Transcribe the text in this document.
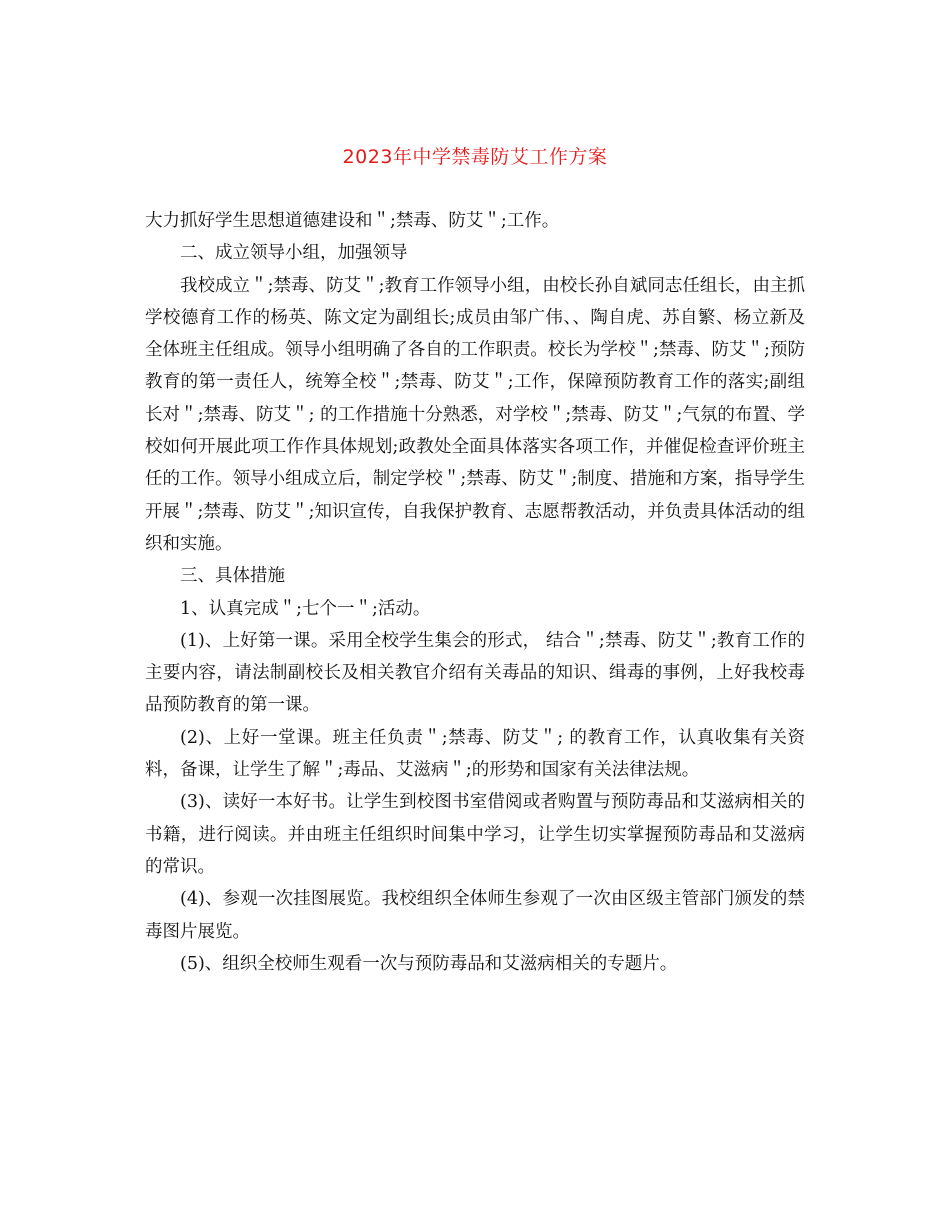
2023年中学禁毒防艾工作方案

大力抓好学生思想道德建设和＂;禁毒、防艾＂;工作。

二、成立领导小组，加强领导

我校成立＂;禁毒、防艾＂;教育工作领导小组，由校长孙自斌同志任组长，由主抓学校德育工作的杨英、陈文定为副组长;成员由邹广伟、、陶自虎、苏自繁、杨立新及全体班主任组成。领导小组明确了各自的工作职责。校长为学校＂;禁毒、防艾＂;预防教育的第一责任人，统筹全校＂;禁毒、防艾＂;工作，保障预防教育工作的落实;副组长对＂;禁毒、防艾＂; 的工作措施十分熟悉，对学校＂;禁毒、防艾＂;气氛的布置、学校如何开展此项工作作具体规划;政教处全面具体落实各项工作，并催促检查评价班主任的工作。领导小组成立后，制定学校＂;禁毒、防艾＂;制度、措施和方案，指导学生开展＂;禁毒、防艾＂;知识宣传，自我保护教育、志愿帮教活动，并负责具体活动的组织和实施。

三、具体措施

1、认真完成＂;七个一＂;活动。

(1)、上好第一课。采用全校学生集会的形式， 结合＂;禁毒、防艾＂;教育工作的主要内容，请法制副校长及相关教官介绍有关毒品的知识、缉毒的事例，上好我校毒品预防教育的第一课。

(2)、上好一堂课。班主任负责＂;禁毒、防艾＂; 的教育工作，认真收集有关资料，备课，让学生了解＂;毒品、艾滋病＂;的形势和国家有关法律法规。

(3)、读好一本好书。让学生到校图书室借阅或者购置与预防毒品和艾滋病相关的书籍，进行阅读。并由班主任组织时间集中学习，让学生切实掌握预防毒品和艾滋病的常识。

(4)、参观一次挂图展览。我校组织全体师生参观了一次由区级主管部门颁发的禁毒图片展览。

(5)、组织全校师生观看一次与预防毒品和艾滋病相关的专题片。
